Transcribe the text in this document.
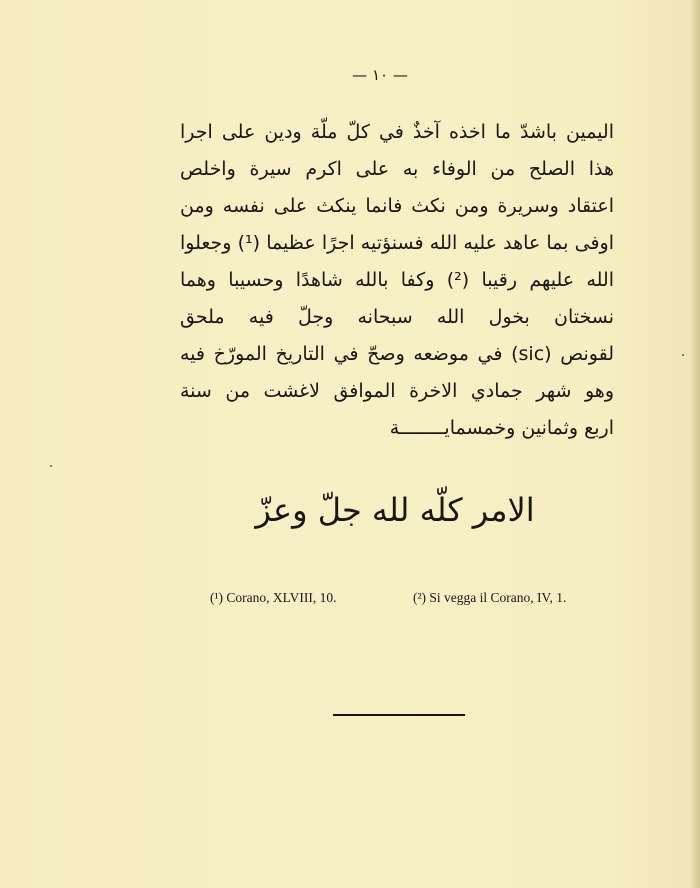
— ١٠ —
اليمين باشدّ ما اخذه آخذٌ في كلّ ملّة ودين على اجرا
هذا الصلح من الوفاء به على اكرم سيرة واخلص
اعتقاد وسريرة ومن نكث فانما ينكث على نفسه ومن
اوفى بما عاهد عليه الله فسنؤتيه اجرًا عظيما (¹) وجعلوا
الله عليهم رقيبا (²) وكفا بالله شاهدًا وحسيبا وهما
نسختان بخول الله سبحانه وجلّ فيه ملحق
لقونص (sic) في موضعه وصحّ في التاريخ المورّخ فيه
وهو شهر جمادي الاخرة الموافق لاغشت من سنة
اربع وثمانين وخمسمايــــــــة
الامر كلّه لله جلّ وعزّ
(¹) Corano, XLVIII, 10.	(²) Si vegga il Corano, IV, 1.
